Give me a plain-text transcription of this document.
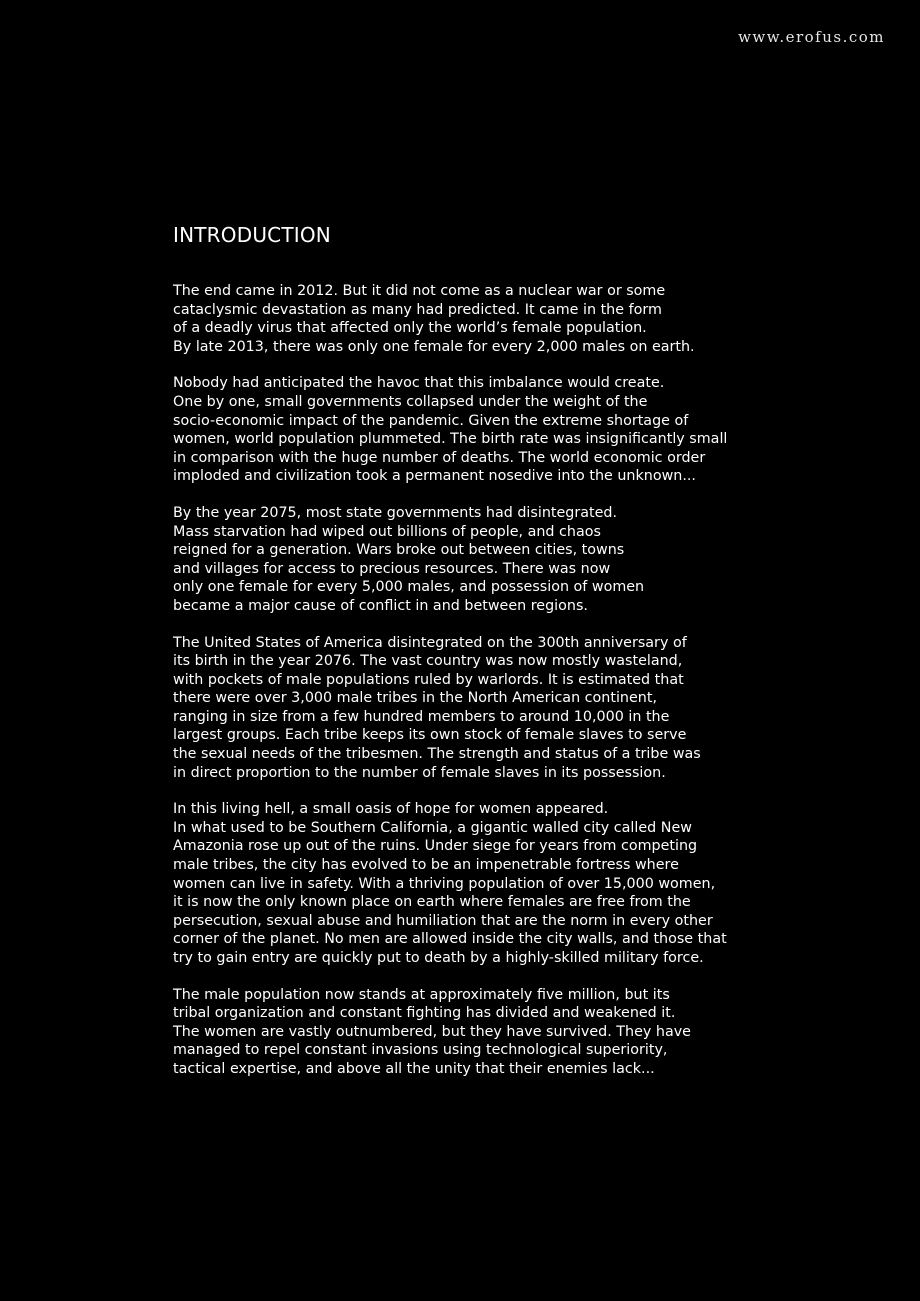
www.erofus.com
INTRODUCTION
The end came in 2012. But it did not come as a nuclear war or some
cataclysmic devastation as many had predicted. It came in the form
of a deadly virus that affected only the world’s female population.
By late 2013, there was only one female for every 2,000 males on earth.
Nobody had anticipated the havoc that this imbalance would create.
One by one, small governments collapsed under the weight of the
socio-economic impact of the pandemic. Given the extreme shortage of
women, world population plummeted. The birth rate was insignificantly small
in comparison with the huge number of deaths. The world economic order
imploded and civilization took a permanent nosedive into the unknown...
By the year 2075, most state governments had disintegrated.
Mass starvation had wiped out billions of people, and chaos
reigned for a generation. Wars broke out between cities, towns
and villages for access to precious resources. There was now
only one female for every 5,000 males, and possession of women
became a major cause of conflict in and between regions.
The United States of America disintegrated on the 300th anniversary of
its birth in the year 2076. The vast country was now mostly wasteland,
with pockets of male populations ruled by warlords. It is estimated that
there were over 3,000 male tribes in the North American continent,
ranging in size from a few hundred members to around 10,000 in the
largest groups. Each tribe keeps its own stock of female slaves to serve
the sexual needs of the tribesmen. The strength and status of a tribe was
in direct proportion to the number of female slaves in its possession.
In this living hell, a small oasis of hope for women appeared.
In what used to be Southern California, a gigantic walled city called New
Amazonia rose up out of the ruins. Under siege for years from competing
male tribes, the city has evolved to be an impenetrable fortress where
women can live in safety. With a thriving population of over 15,000 women,
it is now the only known place on earth where females are free from the
persecution, sexual abuse and humiliation that are the norm in every other
corner of the planet. No men are allowed inside the city walls, and those that
try to gain entry are quickly put to death by a highly-skilled military force.
The male population now stands at approximately five million, but its
tribal organization and constant fighting has divided and weakened it.
The women are vastly outnumbered, but they have survived. They have
managed to repel constant invasions using technological superiority,
tactical expertise, and above all the unity that their enemies lack...
